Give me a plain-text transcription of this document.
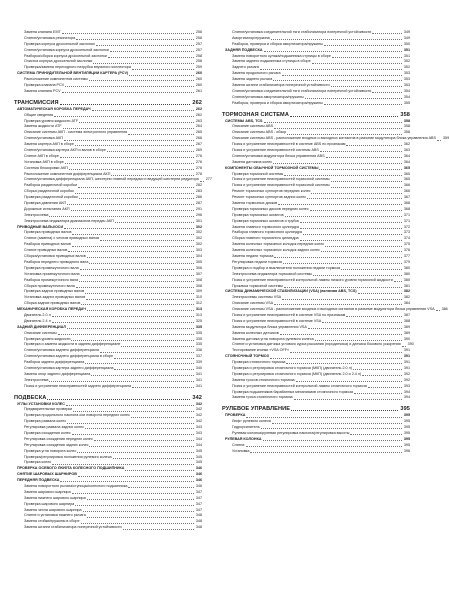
Замена клапана EMT	256
Снятие/установка резонатора	256
Проверка корпуса дроссельной заслонки	257
Снятие/установка корпуса дроссельной заслонки	257
Разборка/сборка корпуса дроссельной заслонки	258
Очистка корпуса дроссельной заслонки	258
Проверка/замена переходного патрубка впускного коллектора	259
СИСТЕМА ПРИНУДИТЕЛЬНОЙ ВЕНТИЛЯЦИИ КАРТЕРА (PCV)	260
Расположение компонентов системы	260
Проверка клапана PCV	260
Замена клапана PCV	261
ТРАНСМИССИЯ	262
АВТОМАТИЧЕСКАЯ КОРОБКА ПЕРЕДАЧ	262
Общие сведения	262
Проверка уровня жидкости ATF	263
Замена жидкости ATF	264
Описание системы АКП - система электронного управления	265
Снятие/установка АКП	266
Замена картера АКП в сборе	267
Снятие/установка картера АКП и валов в сборе	269
Снятие АКП в сборе	276
Установка АКП в сборе	276
Система блокировки АКП	276
Расположение компонентов дифференциала АКП	276
Снятие/установка дифференциала АКП, шестерни главной передачи и ведущей шестерни редуктора 277
Разборка раздаточной коробки	282
Сборка раздаточной коробки	283
Проверка раздаточной коробки	286
Проверка давления АКП	287
Дорожные испытания АКП	291
Электросхема	296
Электросхема индикатора диапазонов передач АКП	301
ПРИВОДНЫЕ ВАЛЫ/ОСИ	302
Проверка приводных валов	302
Снятие (замена) с чехлов приводных валов	302
Разборка приводных валов	302
Снятие приводных валов	303
Сборка/установка приводных валов	304
Разборка переднего приводного вала	305
Проверка промежуточного вала	306
Установка промежуточного вала	307
Разборка промежуточного вала	308
Сборка промежуточного вала	308
Проверка задних приводных валов	309
Установка задних приводных валов	310
Сборка задних приводных валов	312
МЕХАНИЧЕСКАЯ КОРОБКА ПЕРЕДАЧ	313
Двигатель 2.0 л	313
Двигатель 2.4 л	325
ЗАДНИЙ ДИФФЕРЕНЦИАЛ	335
Описание системы	335
Проверка уровня жидкости	335
Проверка и замена жидкости в заднем дифференциале	335
Снятие/установка заднего дифференциала	336
Снятие/установка заднего дифференциала в сборе	337
Разборка заднего дифференциала	339
Снятие/установка картера заднего дифференциала	340
Замена опор заднего дифференциала	341
Электросхема	341
Поиск и устранение неисправностей заднего дифференциала	341
ПОДВЕСКА	342
УГЛЫ УСТАНОВКИ КОЛЕС	342
Предварительные проверки	342
Проверка продольного наклона оси поворота передних колес	342
Проверка развала колес	342
Регулировка развала задних колес	343
Проверка схождения колес	343
Регулировка схождения передних колес	344
Регулировка схождения задних колес	344
Проверка угла поворота колес	345
Проверка/регулировка положения рулевого колеса	345
Проверка колес	345
ПРОВЕРКА ОСЕВОГО ЛЮФТА КОЛЕСНОГО ПОДШИПНИКА	346
СНЯТИЕ ШАРОВЫХ ШАРНИРОВ	346
ПЕРЕДНЯЯ ПОДВЕСКА	346
Замена поворотного рычага/ступицы/колесного подшипника	346
Замена шарового шарнира	347
Замена нижнего шарового шарнира	347
Проверка шарового шарнира	347
Замена чехла шарового шарнира	347
Снятие и установка нижнего рычага	348
Замена стойки/пружины в сборе	348
Замена штанги стабилизатора поперечной устойчивости	348
Снятие/установка соединительной тяги стабилизатора поперечной устойчивости	349
Амортизатор/пружина	349
Разборка, проверка и сборка амортизатора/пружины	350
ЗАДНЯЯ ПОДВЕСКА	351
Замена поворотного кулака/подшипника ступицы в сборе	351
Замена заднего подшипника ступицы в сборе	352
Заднего рычага	352
Замена продольного рычага	353
Замена заднего рычага	353
Замена штанги стабилизатора поперечной устойчивости	353
Снятие/установка соединительной тяги стабилизатора поперечной устойчивости	354
Снятие/установка амортизатора/пружины	354
Разборка, проверка и сборка амортизатора/пружины	355
ТОРМОЗНАЯ СИСТЕМА	358
СИСТЕМЫ ABS, TCS	358
Описание системы ABS	358
Описание системы ABS - обзор	358
Описание системы ABS - расположение входных и выходных контактов в разъеме модулятора блока управления ABS 359
Поиск и устранение неисправностей в системе ABS по признакам	362
Поиск и устранение неисправностей системы ABS	363
Снятие/установка модулятора блока управления ABS	364
Замена датчиков колес	364
КОМПОНЕНТЫ ОБЫЧНОЙ ТОРМОЗНОЙ СИСТЕМЫ	365
Проверка тормозной системы	365
Поиск и устранение неисправностей тормозной системы	365
Поиск и устранение неисправностей тормозной системы	366
Ремонт тормозных суппортов передних колес	366
Ремонт тормозных суппортов задних колес	367
Замена тормозных дисков	368
Проверка тормозных дисков передних колес	368
Проверка тормозных шлангов	371
Проверка тормозных шлангов и трубок	371
Замена главного тормозного цилиндра	372
Разборка главного тормозного цилиндра	373
Сборка главного тормозного цилиндра	374
Замена колесных тормозных колодок передних колес	375
Замена колесных тормозных колодок задних колес	376
Замена педали тормоза	377
Регулировка педали тормоза	379
Проверка и подбор и выключателя положения педали тормоза	380
Электросхема индикатора тормозной системы	380
Поиск и устранение неисправностей контрольной лампы низкого уровня тормозной жидкости	380
Прокачка тормозной системы	381
СИСТЕМА ДИНАМИЧЕСКОЙ СТАБИЛИЗАЦИИ (VSA) (включая ABS, TCS)	382
Электросхемы системы VSA	382
Описание системы VSA	384
Описание системы VSA - расположение входных и выходных сигналов в разъеме модулятора блока управления VSA 386
Поиск и устранение неисправностей в системе VSA по признакам	387
Поиск и устранение неисправностей в системе VSA	388
Замена модулятора блока управления VSA	389
Замена колесных датчиков	389
Замена датчика угла поворота рулевого колеса	390
Снятие и установка датчика углового курса рыскания (гиродатчика) и датчика бокового ускорения 390
Тестирование кнопки «VSA OFF»	391
СТОЯНОЧНЫЙ ТОРМОЗ	391
Проверка стояночного тормоза	391
Проверка и регулировка стояночного тормоза (МКП) (двигатель 2.0 л)	391
Проверка и регулировка стояночного тормоза (МКП) (двигатель 2.0 и 2.4 л)	392
Замена тросов стояночного тормоза	392
Поиск и устранение неисправностей контрольной лампы стояночного тормоза	393
Проверка подшипников барабанных механизмов стояночного тормоза	394
Замена троса стояночного тормоза	394
РУЛЕВОЕ УПРАВЛЕНИЕ	395
ПРОВЕРКА	395
Люфт рулевого колеса	395
Гидроусилитель	395
Рулевая колонка/рулевая регулировка наклона/регулировка высоты	395
РУЛЕВАЯ КОЛОНКА	395
Снятие	395
Установка	396
